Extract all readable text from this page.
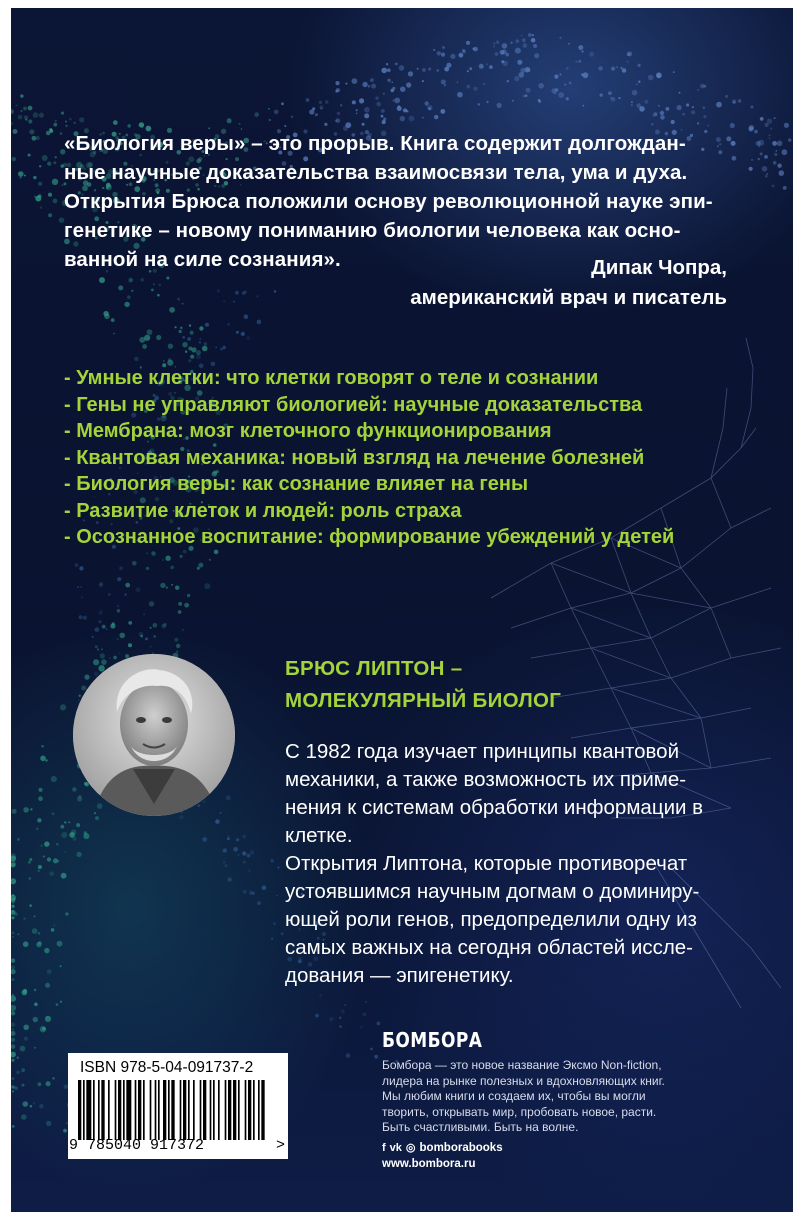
«Биология веры» – это прорыв. Книга содержит долгождан-
ные научные доказательства взаимосвязи тела, ума и духа.
Открытия Брюса положили основу революционной науке эпи-
генетике – новому пониманию биологии человека как осно-
ванной на силе сознания».	Дипак Чопра,
американский врач и писатель
- Умные клетки: что клетки говорят о теле и сознании
- Гены не управляют биологией: научные доказательства
- Мембрана: мозг клеточного функционирования
- Квантовая механика: новый взгляд на лечение болезней
- Биология веры: как сознание влияет на гены
- Развитие клеток и людей: роль страха
- Осознанное воспитание: формирование убеждений у детей
БРЮС ЛИПТОН –
МОЛЕКУЛЯРНЫЙ БИОЛОГ
С 1982 года изучает принципы квантовой
механики, а также возможность их приме-
нения к системам обработки информации в
клетке.
Открытия Липтона, которые противоречат
устоявшимся научным догмам о доминиру-
ющей роли генов, предопределили одну из
самых важных на сегодня областей иссле-
дования — эпигенетику.
ISBN 978-5-04-091737-2
9 785040 917372	>
БОМБОРА
Бомбора — это новое название Эксмо Non-fiction,
лидера на рынке полезных и вдохновляющих книг.
Мы любим книги и создаем их, чтобы вы могли
творить, открывать мир, пробовать новое, расти.
Быть счастливыми. Быть на волне.
f vk ◎ bomborabooks
www.bombora.ru
